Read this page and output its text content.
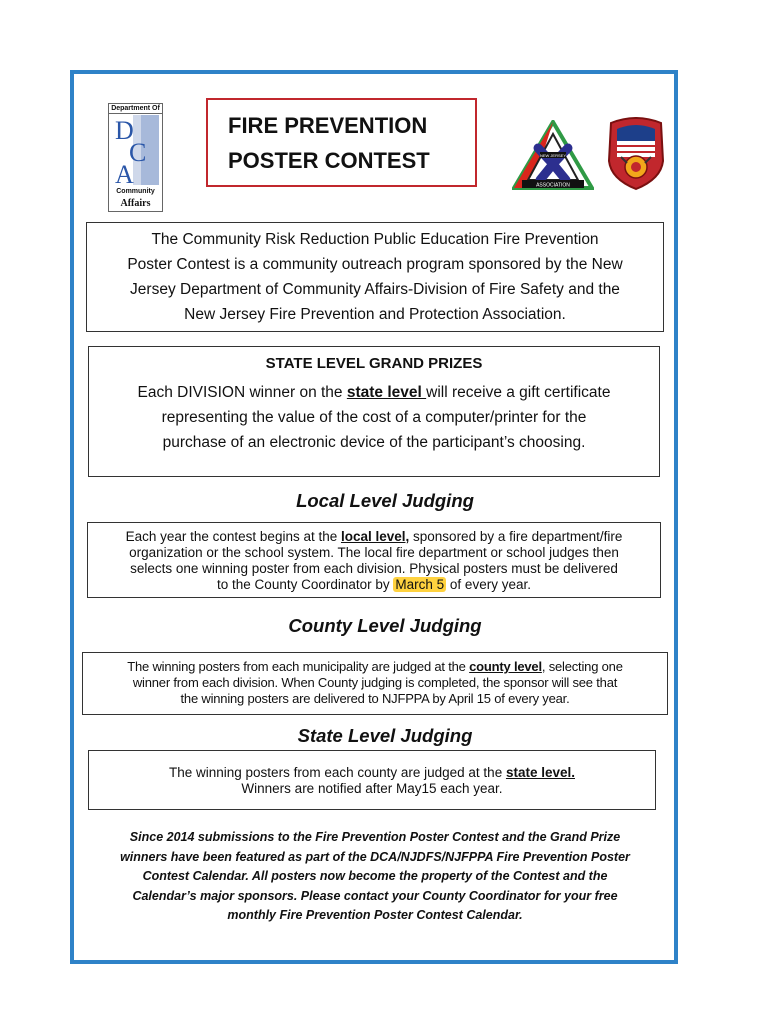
Department Of
D
C
A
Community
Affairs
FIRE PREVENTION
POSTER CONTEST	NEW JERSEY
ASSOCIATION
The Community Risk Reduction Public Education Fire Prevention
Poster Contest is a community outreach program sponsored by the New
Jersey Department of Community Affairs-Division of Fire Safety and the
New Jersey Fire Prevention and Protection Association.
STATE LEVEL GRAND PRIZES
Each DIVISION winner on the state level will receive a gift certificate
representing the value of the cost of a computer/printer for the
purchase of an electronic device of the participant’s choosing.
Local Level Judging
Each year the contest begins at the local level, sponsored by a fire department/fire
organization or the school system. The local fire department or school judges then
selects one winning poster from each division. Physical posters must be delivered
to the County Coordinator by March 5 of every year.
County Level Judging
The winning posters from each municipality are judged at the county level, selecting one
winner from each division. When County judging is completed, the sponsor will see that
the winning posters are delivered to NJFPPA by April 15 of every year.
State Level Judging
The winning posters from each county are judged at the state level.
Winners are notified after May15 each year.
Since 2014 submissions to the Fire Prevention Poster Contest and the Grand Prize
winners have been featured as part of the DCA/NJDFS/NJFPPA Fire Prevention Poster
Contest Calendar. All posters now become the property of the Contest and the
Calendar’s major sponsors. Please contact your County Coordinator for your free
monthly Fire Prevention Poster Contest Calendar.
